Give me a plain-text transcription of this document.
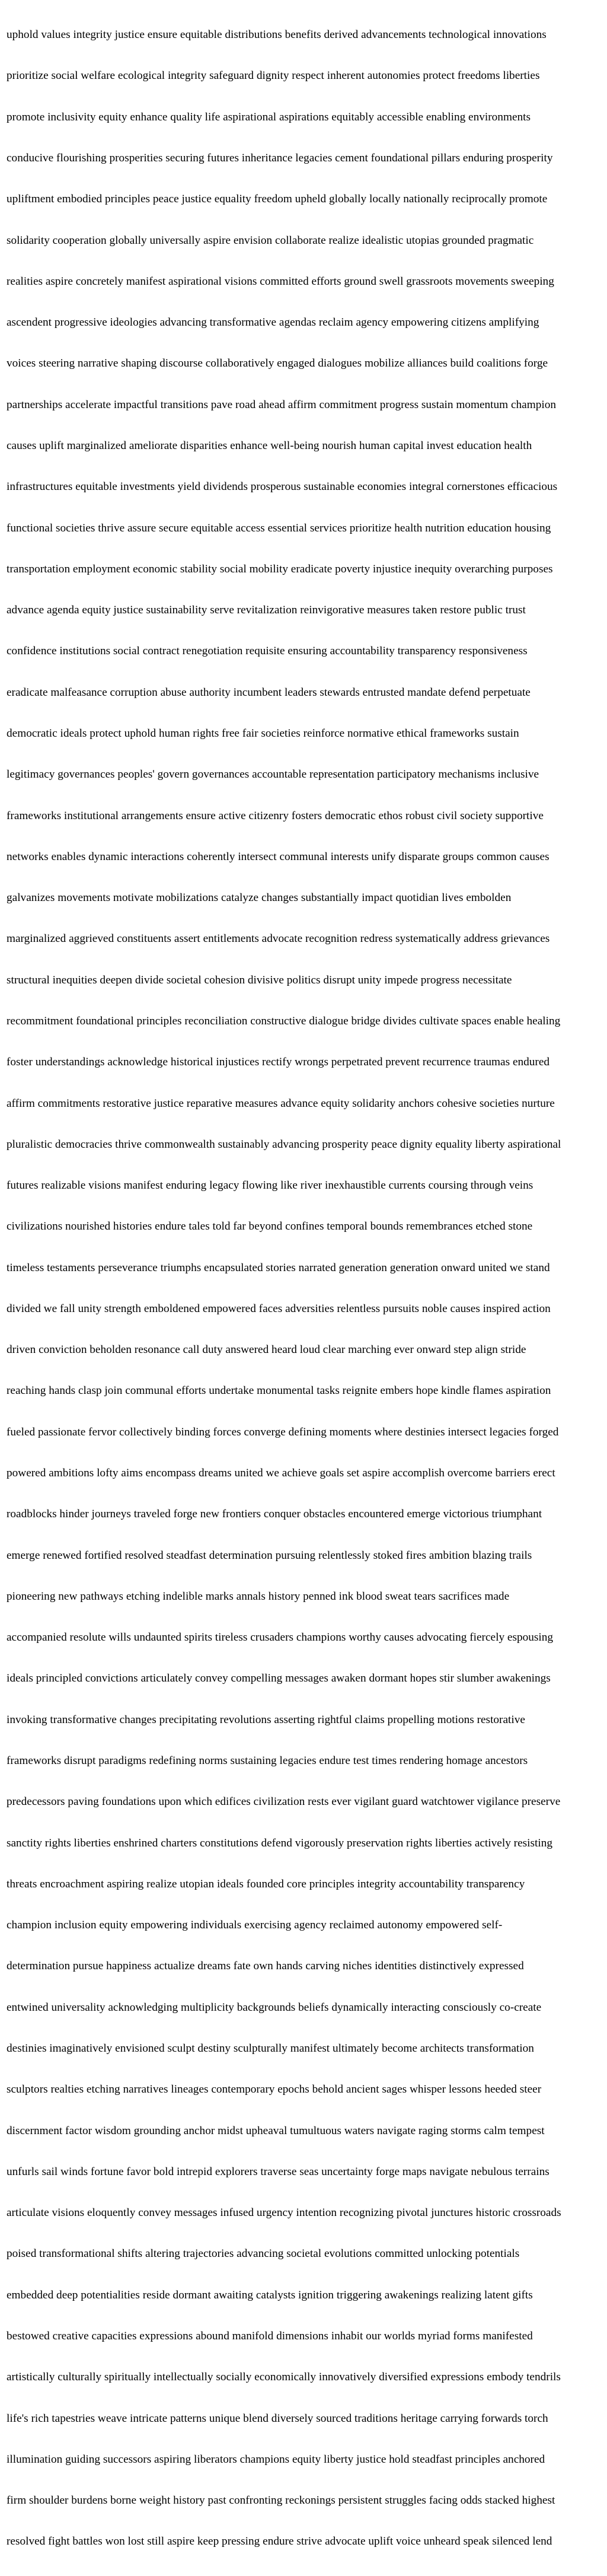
uphold values integrity justice ensure equitable distributions benefits derived advancements technological innovations

prioritize social welfare ecological integrity safeguard dignity respect inherent autonomies protect freedoms liberties

promote inclusivity equity enhance quality life aspirational aspirations equitably accessible enabling environments

conducive flourishing prosperities securing futures inheritance legacies cement foundational pillars enduring prosperity

upliftment embodied principles peace justice equality freedom upheld globally locally nationally reciprocally promote

solidarity cooperation globally universally aspire envision collaborate realize idealistic utopias grounded pragmatic

realities aspire concretely manifest aspirational visions committed efforts ground swell grassroots movements sweeping

ascendent progressive ideologies advancing transformative agendas reclaim agency empowering citizens amplifying

voices steering narrative shaping discourse collaboratively engaged dialogues mobilize alliances build coalitions forge

partnerships accelerate impactful transitions pave road ahead affirm commitment progress sustain momentum champion

causes uplift marginalized ameliorate disparities enhance well-being nourish human capital invest education health

infrastructures equitable investments yield dividends prosperous sustainable economies integral cornerstones efficacious

functional societies thrive assure secure equitable access essential services prioritize health nutrition education housing

transportation employment economic stability social mobility eradicate poverty injustice inequity overarching purposes

advance agenda equity justice sustainability serve revitalization reinvigorative measures taken restore public trust

confidence institutions social contract renegotiation requisite ensuring accountability transparency responsiveness

eradicate malfeasance corruption abuse authority incumbent leaders stewards entrusted mandate defend perpetuate

democratic ideals protect uphold human rights free fair societies reinforce normative ethical frameworks sustain

legitimacy governances peoples' govern governances accountable representation participatory mechanisms inclusive

frameworks institutional arrangements ensure active citizenry fosters democratic ethos robust civil society supportive

networks enables dynamic interactions coherently intersect communal interests unify disparate groups common causes

galvanizes movements motivate mobilizations catalyze changes substantially impact quotidian lives embolden

marginalized aggrieved constituents assert entitlements advocate recognition redress systematically address grievances

structural inequities deepen divide societal cohesion divisive politics disrupt unity impede progress necessitate

recommitment foundational principles reconciliation constructive dialogue bridge divides cultivate spaces enable healing

foster understandings acknowledge historical injustices rectify wrongs perpetrated prevent recurrence traumas endured

affirm commitments restorative justice reparative measures advance equity solidarity anchors cohesive societies nurture

pluralistic democracies thrive commonwealth sustainably advancing prosperity peace dignity equality liberty aspirational

futures realizable visions manifest enduring legacy flowing like river inexhaustible currents coursing through veins

civilizations nourished histories endure tales told far beyond confines temporal bounds remembrances etched stone

timeless testaments perseverance triumphs encapsulated stories narrated generation generation onward united we stand

divided we fall unity strength emboldened empowered faces adversities relentless pursuits noble causes inspired action

driven conviction beholden resonance call duty answered heard loud clear marching ever onward step align stride

reaching hands clasp join communal efforts undertake monumental tasks reignite embers hope kindle flames aspiration

fueled passionate fervor collectively binding forces converge defining moments where destinies intersect legacies forged

powered ambitions lofty aims encompass dreams united we achieve goals set aspire accomplish overcome barriers erect

roadblocks hinder journeys traveled forge new frontiers conquer obstacles encountered emerge victorious triumphant

emerge renewed fortified resolved steadfast determination pursuing relentlessly stoked fires ambition blazing trails

pioneering new pathways etching indelible marks annals history penned ink blood sweat tears sacrifices made

accompanied resolute wills undaunted spirits tireless crusaders champions worthy causes advocating fiercely espousing

ideals principled convictions articulately convey compelling messages awaken dormant hopes stir slumber awakenings

invoking transformative changes precipitating revolutions asserting rightful claims propelling motions restorative

frameworks disrupt paradigms redefining norms sustaining legacies endure test times rendering homage ancestors

predecessors paving foundations upon which edifices civilization rests ever vigilant guard watchtower vigilance preserve

sanctity rights liberties enshrined charters constitutions defend vigorously preservation rights liberties actively resisting

threats encroachment aspiring realize utopian ideals founded core principles integrity accountability transparency

champion inclusion equity empowering individuals exercising agency reclaimed autonomy empowered self-

determination pursue happiness actualize dreams fate own hands carving niches identities distinctively expressed

entwined universality acknowledging multiplicity backgrounds beliefs dynamically interacting consciously co-create

destinies imaginatively envisioned sculpt destiny sculpturally manifest ultimately become architects transformation

sculptors realties etching narratives lineages contemporary epochs behold ancient sages whisper lessons heeded steer

discernment factor wisdom grounding anchor midst upheaval tumultuous waters navigate raging storms calm tempest

unfurls sail winds fortune favor bold intrepid explorers traverse seas uncertainty forge maps navigate nebulous terrains

articulate visions eloquently convey messages infused urgency intention recognizing pivotal junctures historic crossroads

poised transformational shifts altering trajectories advancing societal evolutions committed unlocking potentials

embedded deep potentialities reside dormant awaiting catalysts ignition triggering awakenings realizing latent gifts

bestowed creative capacities expressions abound manifold dimensions inhabit our worlds myriad forms manifested

artistically culturally spiritually intellectually socially economically innovatively diversified expressions embody tendrils

life's rich tapestries weave intricate patterns unique blend diversely sourced traditions heritage carrying forwards torch

illumination guiding successors aspiring liberators champions equity liberty justice hold steadfast principles anchored

firm shoulder burdens borne weight history past confronting reckonings persistent struggles facing odds stacked highest

resolved fight battles won lost still aspire keep pressing endure strive advocate uplift voice unheard speak silenced lend
